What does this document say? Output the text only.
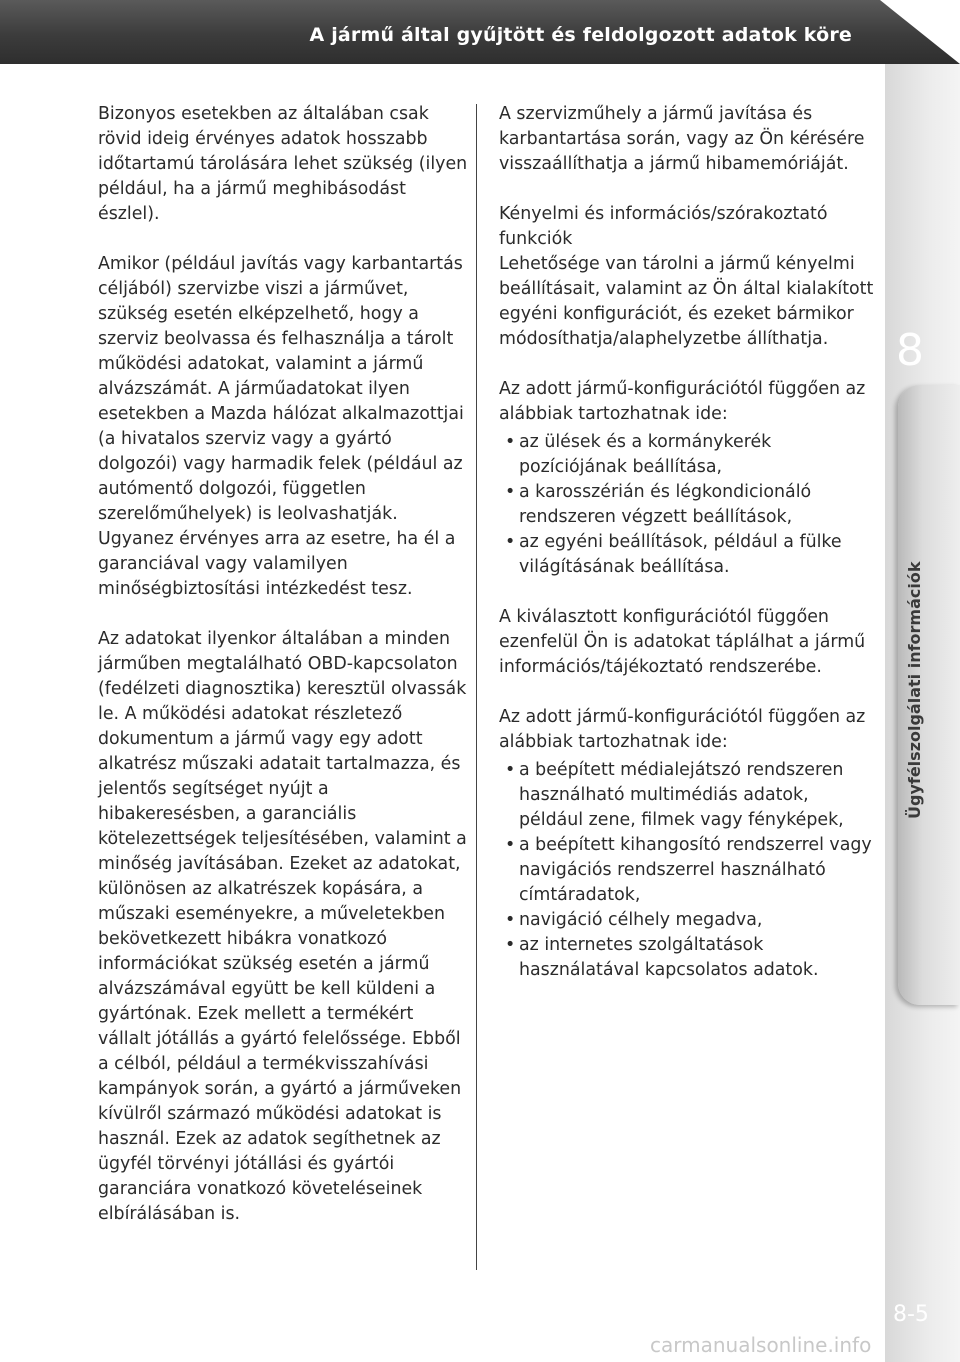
A jármű által gyűjtött és feldolgozott adatok köre
8
Ügyfélszolgálati információk
8-5

Bizonyos esetekben az általában csak rövid ideig érvényes adatok hosszabb időtartamú tárolására lehet szükség (ilyen például, ha a jármű meghibásodást észlel).

Amikor (például javítás vagy karbantartás céljából) szervizbe viszi a járművet, szükség esetén elképzelhető, hogy a szerviz beolvassa és felhasználja a tárolt működési adatokat, valamint a jármű alvázszámát. A járműadatokat ilyen esetekben a Mazda hálózat alkalmazottjai (a hivatalos szerviz vagy a gyártó dolgozói) vagy harmadik felek (például az autómentő dolgozói, független szerelőműhelyek) is leolvashatják. Ugyanez érvényes arra az esetre, ha él a garanciával vagy valamilyen minőségbiztosítási intézkedést tesz.

Az adatokat ilyenkor általában a minden járműben megtalálható OBD-kapcsolaton (fedélzeti diagnosztika) keresztül olvassák le. A működési adatokat részletező dokumentum a jármű vagy egy adott alkatrész műszaki adatait tartalmazza, és jelentős segítséget nyújt a hibakeresésben, a garanciális kötelezettségek teljesítésében, valamint a minőség javításában. Ezeket az adatokat, különösen az alkatrészek kopására, a műszaki eseményekre, a műveletekben bekövetkezett hibákra vonatkozó információkat szükség esetén a jármű alvázszámával együtt be kell küldeni a gyártónak. Ezek mellett a termékért vállalt jótállás a gyártó felelőssége. Ebből a célból, például a termékvisszahívási kampányok során, a gyártó a járműveken kívülről származó működési adatokat is használ. Ezek az adatok segíthetnek az ügyfél törvényi jótállási és gyártói garanciára vonatkozó követeléseinek elbírálásában is.

A szervizműhely a jármű javítása és karbantartása során, vagy az Ön kérésére visszaállíthatja a jármű hibamemóriáját.

Kényelmi és információs/szórakoztató funkciók
Lehetősége van tárolni a jármű kényelmi beállításait, valamint az Ön által kialakított egyéni konfigurációt, és ezeket bármikor módosíthatja/alaphelyzetbe állíthatja.

Az adott jármű-konfigurációtól függően az alábbiak tartozhatnak ide:

• az ülések és a kormánykerék pozíciójának beállítása,
• a karosszérián és légkondicionáló rendszeren végzett beállítások,
• az egyéni beállítások, például a fülke világításának beállítása.

A kiválasztott konfigurációtól függően ezenfelül Ön is adatokat táplálhat a jármű információs/tájékoztató rendszerébe.

Az adott jármű-konfigurációtól függően az alábbiak tartozhatnak ide:

• a beépített médialejátszó rendszeren használható multimédiás adatok, például zene, filmek vagy fényképek,
• a beépített kihangosító rendszerrel vagy navigációs rendszerrel használható címtáradatok,
• navigáció célhely megadva,
• az internetes szolgáltatások használatával kapcsolatos adatok.
carmanualsonline.info
